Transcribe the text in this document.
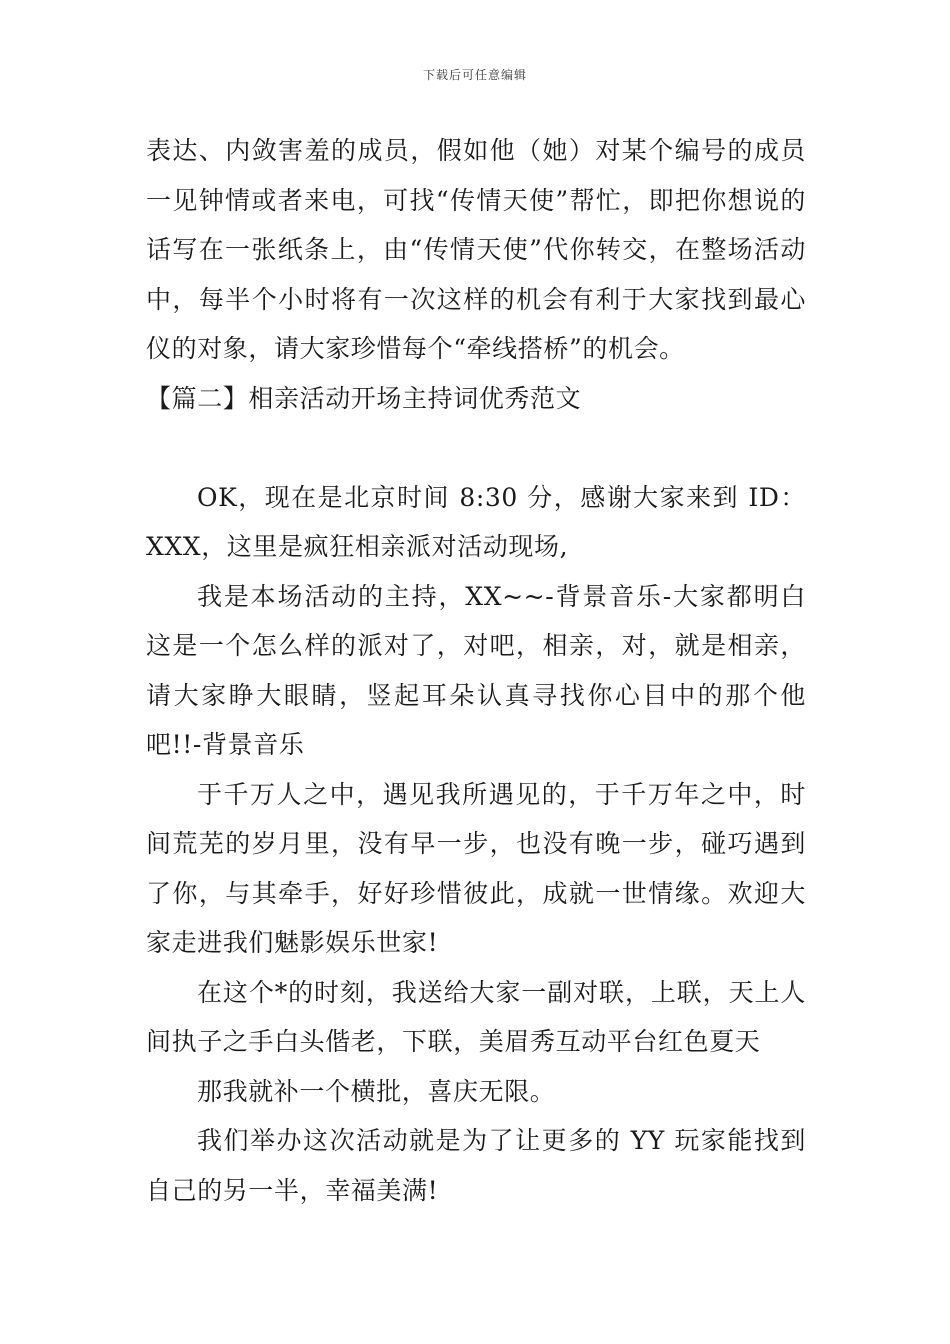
下载后可任意编辑

表达、内敛害羞的成员，假如他（她）对某个编号的成员一见钟情或者来电，可找“传情天使”帮忙，即把你想说的话写在一张纸条上，由“传情天使”代你转交，在整场活动中，每半个小时将有一次这样的机会有利于大家找到最心仪的对象，请大家珍惜每个“牵线搭桥”的机会。

【篇二】相亲活动开场主持词优秀范文

OK，现在是北京时间 8:30 分，感谢大家来到 ID：XXX，这里是疯狂相亲派对活动现场,

我是本场活动的主持，XX~~-背景音乐-大家都明白这是一个怎么样的派对了，对吧，相亲，对，就是相亲，请大家睁大眼睛，竖起耳朵认真寻找你心目中的那个他吧!!-背景音乐

于千万人之中，遇见我所遇见的，于千万年之中，时间荒芜的岁月里，没有早一步，也没有晚一步，碰巧遇到了你，与其牵手，好好珍惜彼此，成就一世情缘。欢迎大家走进我们魅影娱乐世家!

在这个*的时刻，我送给大家一副对联，上联，天上人间执子之手白头偕老，下联，美眉秀互动平台红色夏天

那我就补一个横批，喜庆无限。

我们举办这次活动就是为了让更多的 YY 玩家能找到自己的另一半，幸福美满!
